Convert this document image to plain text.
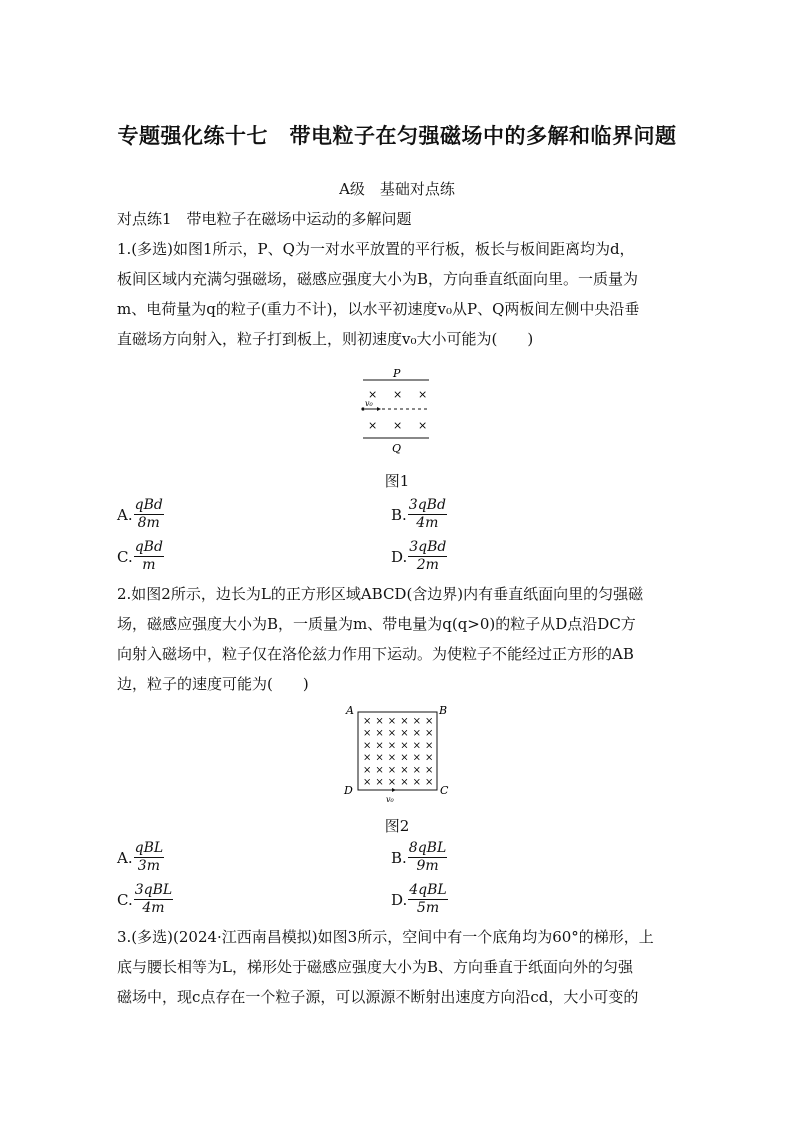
专题强化练十七　带电粒子在匀强磁场中的多解和临界问题
A级　基础对点练
对点练1　带电粒子在磁场中运动的多解问题
1.(多选)如图1所示，P、Q为一对水平放置的平行板，板长与板间距离均为d，
板间区域内充满匀强磁场，磁感应强度大小为B，方向垂直纸面向里。一质量为
m、电荷量为q的粒子(重力不计)，以水平初速度v₀从P、Q两板间左侧中央沿垂
直磁场方向射入，粒子打到板上，则初速度v₀大小可能为(　　)
P
× × ×
v₀
× × ×
Q
图1
A. $\frac{\text{qBd}}{8m}$	B. $\frac{\text{3qBd}}{4m}$
C. $\frac{\text{qBd}}{m}$	D. $\frac{\text{3qBd}}{2m}$
2.如图2所示，边长为L的正方形区域ABCD(含边界)内有垂直纸面向里的匀强磁
场，磁感应强度大小为B，一质量为m、带电量为q(q>0)的粒子从D点沿DC方
向射入磁场中，粒子仅在洛伦兹力作用下运动。为使粒子不能经过正方形的AB
边，粒子的速度可能为(　　)
A	B
× × × × × ×
× × × × × ×
× × × × × ×
× × × × × ×
× × × × × ×
× × × × × ×
D	C
v₀
图2
A. $\frac{\text{qBL}}{3m}$	B. $\frac{\text{8qBL}}{9m}$
C. $\frac{\text{3qBL}}{4m}$	D. $\frac{\text{4qBL}}{5m}$
3.(多选)(2024·江西南昌模拟)如图3所示，空间中有一个底角均为60°的梯形，上
底与腰长相等为L，梯形处于磁感应强度大小为B、方向垂直于纸面向外的匀强
磁场中，现c点存在一个粒子源，可以源源不断射出速度方向沿cd，大小可变的
